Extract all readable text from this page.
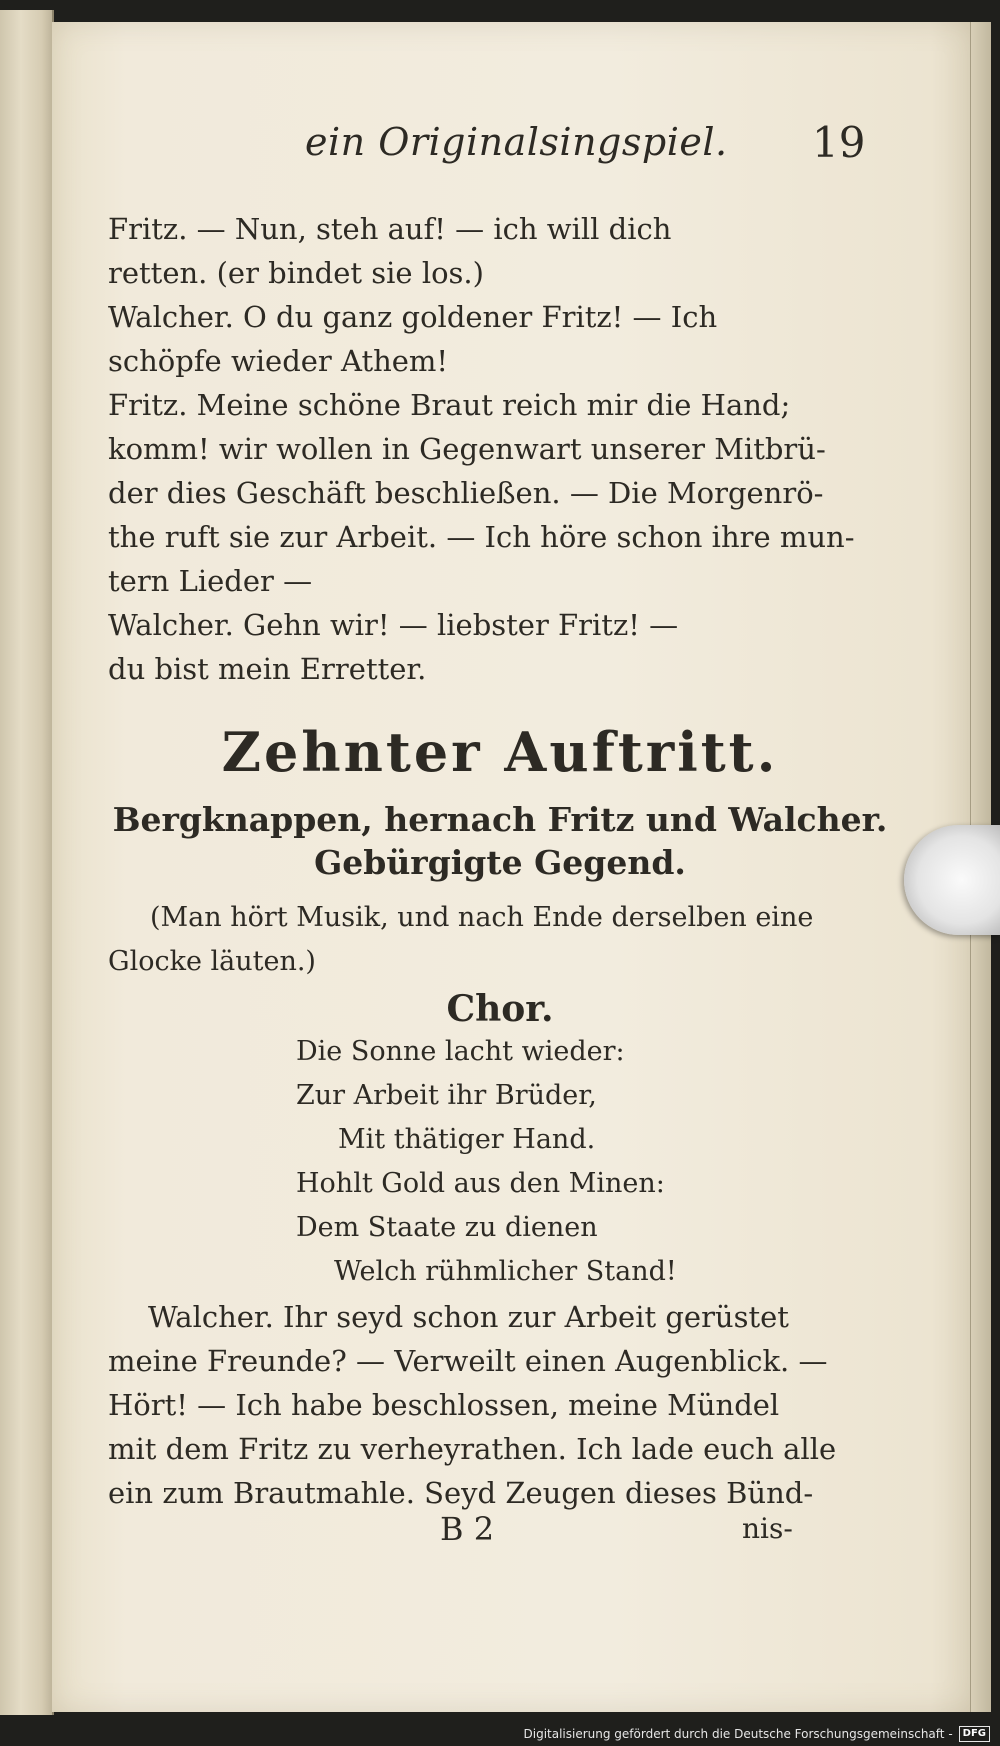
ein Originalsingspiel. 19
Fritz. — Nun, steh auf! — ich will dich
retten. (er bindet sie los.)
Walcher. O du ganz goldener Fritz! — Ich
schöpfe wieder Athem!
Fritz. Meine schöne Braut reich mir die Hand;
komm! wir wollen in Gegenwart unserer Mitbrü-
der dies Geschäft beschließen. — Die Morgenrö-
the ruft sie zur Arbeit. — Ich höre schon ihre mun-
tern Lieder —
Walcher. Gehn wir! — liebster Fritz! —
du bist mein Erretter.
Zehnter Auftritt.
Bergknappen, hernach Fritz und Walcher.
Gebürgigte Gegend.
(Man hört Musik, und nach Ende derselben eine
Glocke läuten.)
Chor.
Die Sonne lacht wieder:
Zur Arbeit ihr Brüder,
Mit thätiger Hand.
Hohlt Gold aus den Minen:
Dem Staate zu dienen
Welch rühmlicher Stand!
Walcher. Ihr seyd schon zur Arbeit gerüstet
meine Freunde? — Verweilt einen Augenblick. —
Hört! — Ich habe beschlossen, meine Mündel
mit dem Fritz zu verheyrathen. Ich lade euch alle
ein zum Brautmahle. Seyd Zeugen dieses Bünd-
B 2	nis-
Digitalisierung gefördert durch die Deutsche Forschungsgemeinschaft -	DFG
